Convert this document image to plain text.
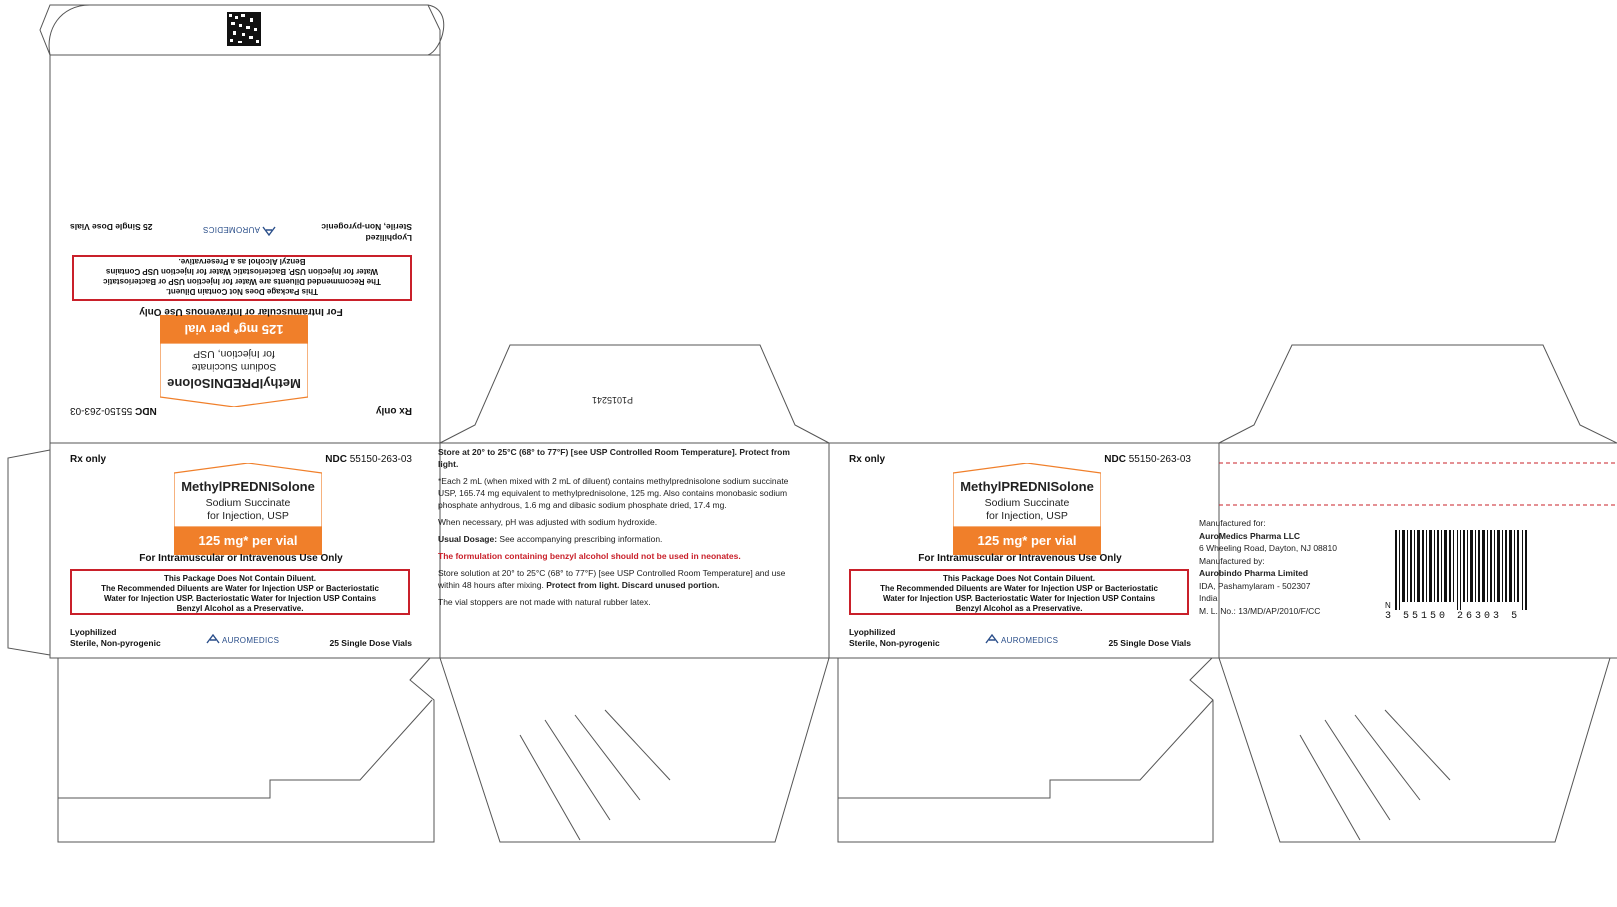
P1015241
Rx only
NDC 55150-263-03
MethylPREDNISolone
Sodium Succinate
for Injection, USP
125 mg* per vial
For Intramuscular or Intravenous Use Only
This Package Does Not Contain Diluent.
The Recommended Diluents are Water for Injection USP or Bacteriostatic
Water for Injection USP. Bacteriostatic Water for Injection USP Contains
Benzyl Alcohol as a Preservative.
Lyophilized
Sterile, Non-pyrogenic
AUROMEDICS
25 Single Dose Vials
Rx only	NDC 55150-263-03
MethylPREDNISolone
Sodium Succinate
for Injection, USP
125 mg* per vial
For Intramuscular or Intravenous Use Only
This Package Does Not Contain Diluent.
The Recommended Diluents are Water for Injection USP or Bacteriostatic
Water for Injection USP. Bacteriostatic Water for Injection USP Contains
Benzyl Alcohol as a Preservative.
Lyophilized
Sterile, Non-pyrogenic	AUROMEDICS	25 Single Dose Vials

Store at 20° to 25°C (68° to 77°F) [see USP Controlled Room Temperature]. Protect from light.

*Each 2 mL (when mixed with 2 mL of diluent) contains methylprednisolone sodium succinate USP, 165.74 mg equivalent to methylprednisolone, 125 mg. Also contains monobasic sodium phosphate anhydrous, 1.6 mg and dibasic sodium phosphate dried, 17.4 mg.

When necessary, pH was adjusted with sodium hydroxide.

Usual Dosage: See accompanying prescribing information.

The formulation containing benzyl alcohol should not be used in neonates.

Store solution at 20° to 25°C (68° to 77°F) [see USP Controlled Room Temperature] and use within 48 hours after mixing. Protect from light. Discard unused portion.

The vial stoppers are not made with natural rubber latex.

Rx only	NDC 55150-263-03
MethylPREDNISolone
Sodium Succinate
for Injection, USP
125 mg* per vial
For Intramuscular or Intravenous Use Only
This Package Does Not Contain Diluent.
The Recommended Diluents are Water for Injection USP or Bacteriostatic
Water for Injection USP. Bacteriostatic Water for Injection USP Contains
Benzyl Alcohol as a Preservative.
Lyophilized
Sterile, Non-pyrogenic	AUROMEDICS	25 Single Dose Vials
Manufactured for:
AuroMedics Pharma LLC
6 Wheeling Road, Dayton, NJ 08810
Manufactured by:
Aurobindo Pharma Limited
IDA, Pashamylaram - 502307
India
M. L. No.: 13/MD/AP/2010/F/CC
3 55150 26303 5
N
